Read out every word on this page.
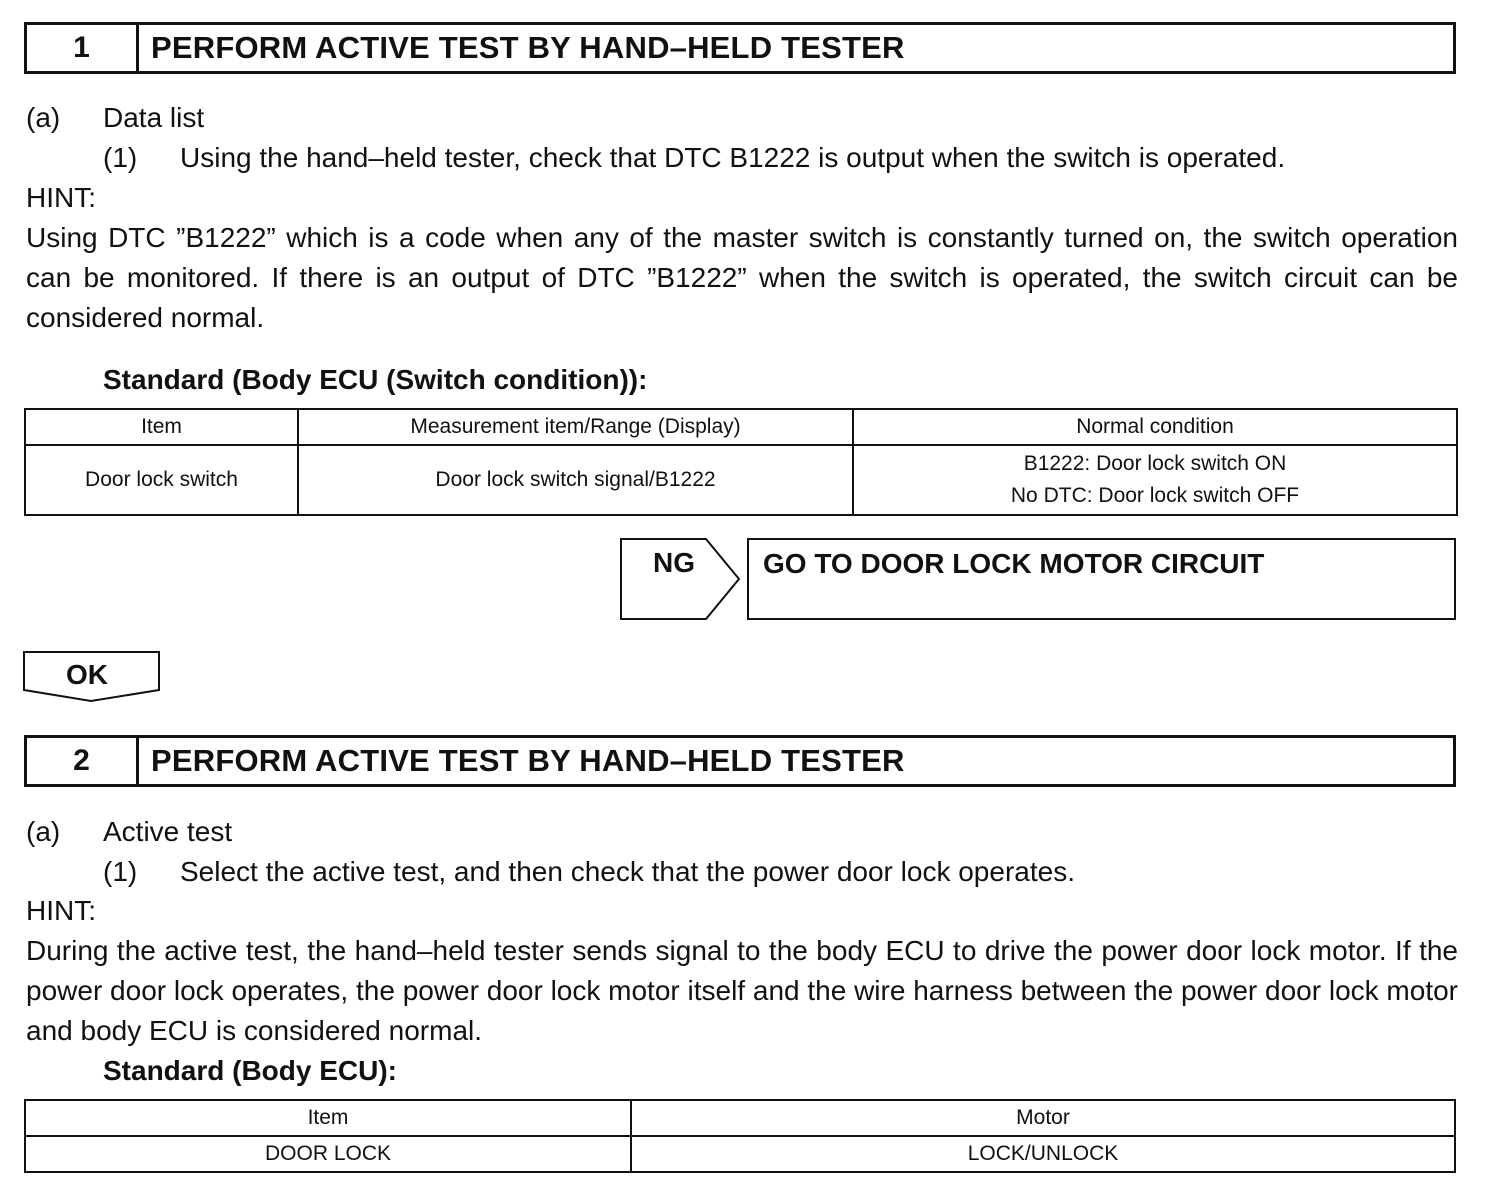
1	PERFORM ACTIVE TEST BY HAND–HELD TESTER
(a) Data list
(1) Using the hand–held tester, check that DTC B1222 is output when the switch is operated.
HINT:
Using DTC ”B1222” which is a code when any of the master switch is constantly turned on, the switch operation can be monitored. If there is an output of DTC ”B1222” when the switch is operated, the switch circuit can be considered normal.
Standard (Body ECU (Switch condition)):
Item	Measurement item/Range (Display)	Normal condition
Door lock switch	Door lock switch signal/B1222	B1222: Door lock switch ON
No DTC: Door lock switch OFF
NG GO TO DOOR LOCK MOTOR CIRCUIT
OK
2	PERFORM ACTIVE TEST BY HAND–HELD TESTER
(a) Active test
(1) Select the active test, and then check that the power door lock operates.
HINT:
During the active test, the hand–held tester sends signal to the body ECU to drive the power door lock motor. If the power door lock operates, the power door lock motor itself and the wire harness between the power door lock motor and body ECU is considered normal.
Standard (Body ECU):
Item	Motor
DOOR LOCK	LOCK/UNLOCK
